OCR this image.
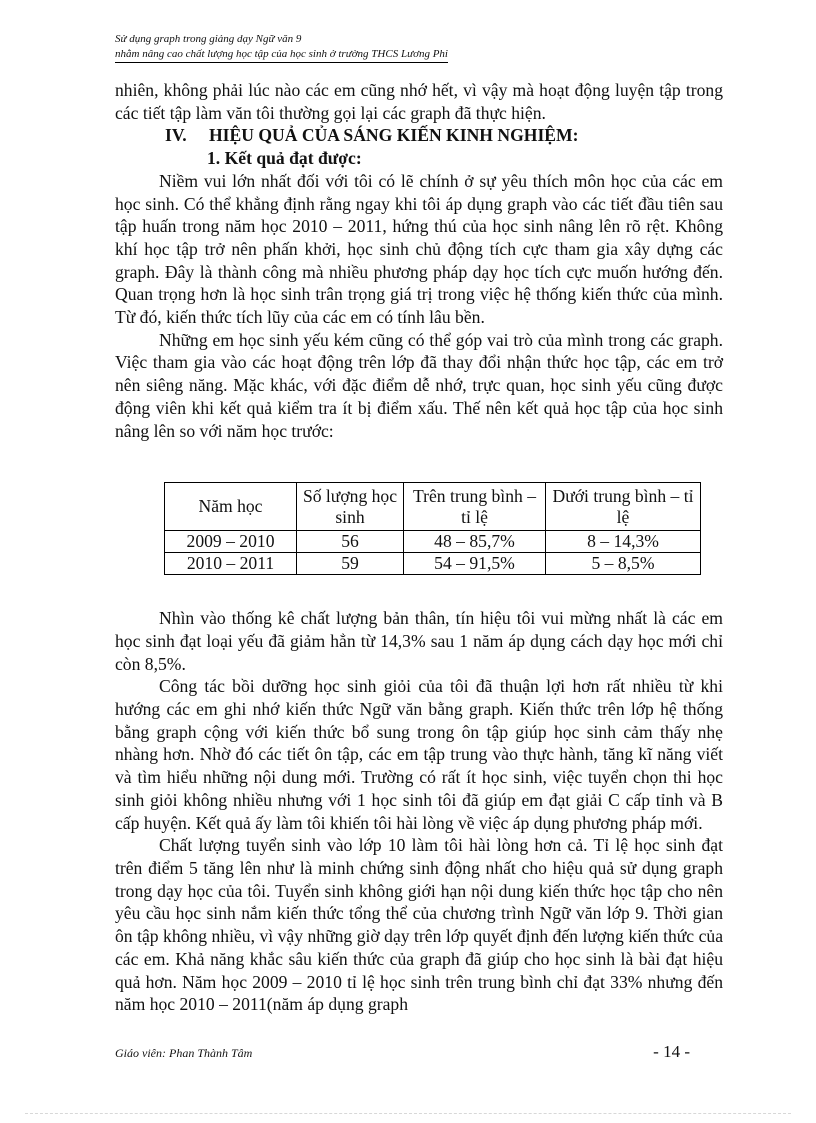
Sử dụng graph trong giảng dạy Ngữ văn 9
nhằm nâng cao chất lượng học tập của học sinh ở trường THCS Lương Phi

nhiên, không phải lúc nào các em cũng nhớ hết, vì vậy mà hoạt động luyện tập trong các tiết tập làm văn tôi thường gọi lại các graph đã thực hiện.

IV. HIỆU QUẢ CỦA SÁNG KIẾN KINH NGHIỆM:

1. Kết quả đạt được:

Niềm vui lớn nhất đối với tôi có lẽ chính ở sự yêu thích môn học của các em học sinh. Có thể khẳng định rằng ngay khi tôi áp dụng graph vào các tiết đầu tiên sau tập huấn trong năm học 2010 – 2011, hứng thú của học sinh nâng lên rõ rệt. Không khí học tập trở nên phấn khởi, học sinh chủ động tích cực tham gia xây dựng các graph. Đây là thành công mà nhiều phương pháp dạy học tích cực muốn hướng đến. Quan trọng hơn là học sinh trân trọng giá trị trong việc hệ thống kiến thức của mình. Từ đó, kiến thức tích lũy của các em có tính lâu bền.

Những em học sinh yếu kém cũng có thể góp vai trò của mình trong các graph. Việc tham gia vào các hoạt động trên lớp đã thay đổi nhận thức học tập, các em trở nên siêng năng. Mặc khác, với đặc điểm dễ nhớ, trực quan, học sinh yếu cũng được động viên khi kết quả kiểm tra ít bị điểm xấu. Thế nên kết quả học tập của học sinh nâng lên so với năm học trước:

Năm học	Số lượng học sinh	Trên trung bình – tỉ lệ	Dưới trung bình – tỉ lệ
2009 – 2010	56	48 – 85,7%	8 – 14,3%
2010 – 2011	59	54 – 91,5%	5 – 8,5%

Nhìn vào thống kê chất lượng bản thân, tín hiệu tôi vui mừng nhất là các em học sinh đạt loại yếu đã giảm hẳn từ 14,3% sau 1 năm áp dụng cách dạy học mới chỉ còn 8,5%.

Công tác bồi dưỡng học sinh giỏi của tôi đã thuận lợi hơn rất nhiều từ khi hướng các em ghi nhớ kiến thức Ngữ văn bằng graph. Kiến thức trên lớp hệ thống bằng graph cộng với kiến thức bổ sung trong ôn tập giúp học sinh cảm thấy nhẹ nhàng hơn. Nhờ đó các tiết ôn tập, các em tập trung vào thực hành, tăng kĩ năng viết và tìm hiểu những nội dung mới. Trường có rất ít học sinh, việc tuyển chọn thi học sinh giỏi không nhiều nhưng với 1 học sinh tôi đã giúp em đạt giải C cấp tỉnh và B cấp huyện. Kết quả ấy làm tôi khiến tôi hài lòng về việc áp dụng phương pháp mới.

Chất lượng tuyển sinh vào lớp 10 làm tôi hài lòng hơn cả. Tỉ lệ học sinh đạt trên điểm 5 tăng lên như là minh chứng sinh động nhất cho hiệu quả sử dụng graph trong dạy học của tôi. Tuyển sinh không giới hạn nội dung kiến thức học tập cho nên yêu cầu học sinh nắm kiến thức tổng thể của chương trình Ngữ văn lớp 9. Thời gian ôn tập không nhiều, vì vậy những giờ dạy trên lớp quyết định đến lượng kiến thức của các em. Khả năng khắc sâu kiến thức của graph đã giúp cho học sinh là bài đạt hiệu quả hơn. Năm học 2009 – 2010 tỉ lệ học sinh trên trung bình chỉ đạt 33% nhưng đến năm học 2010 – 2011(năm áp dụng graph

Giáo viên: Phan Thành Tâm	- 14 -
